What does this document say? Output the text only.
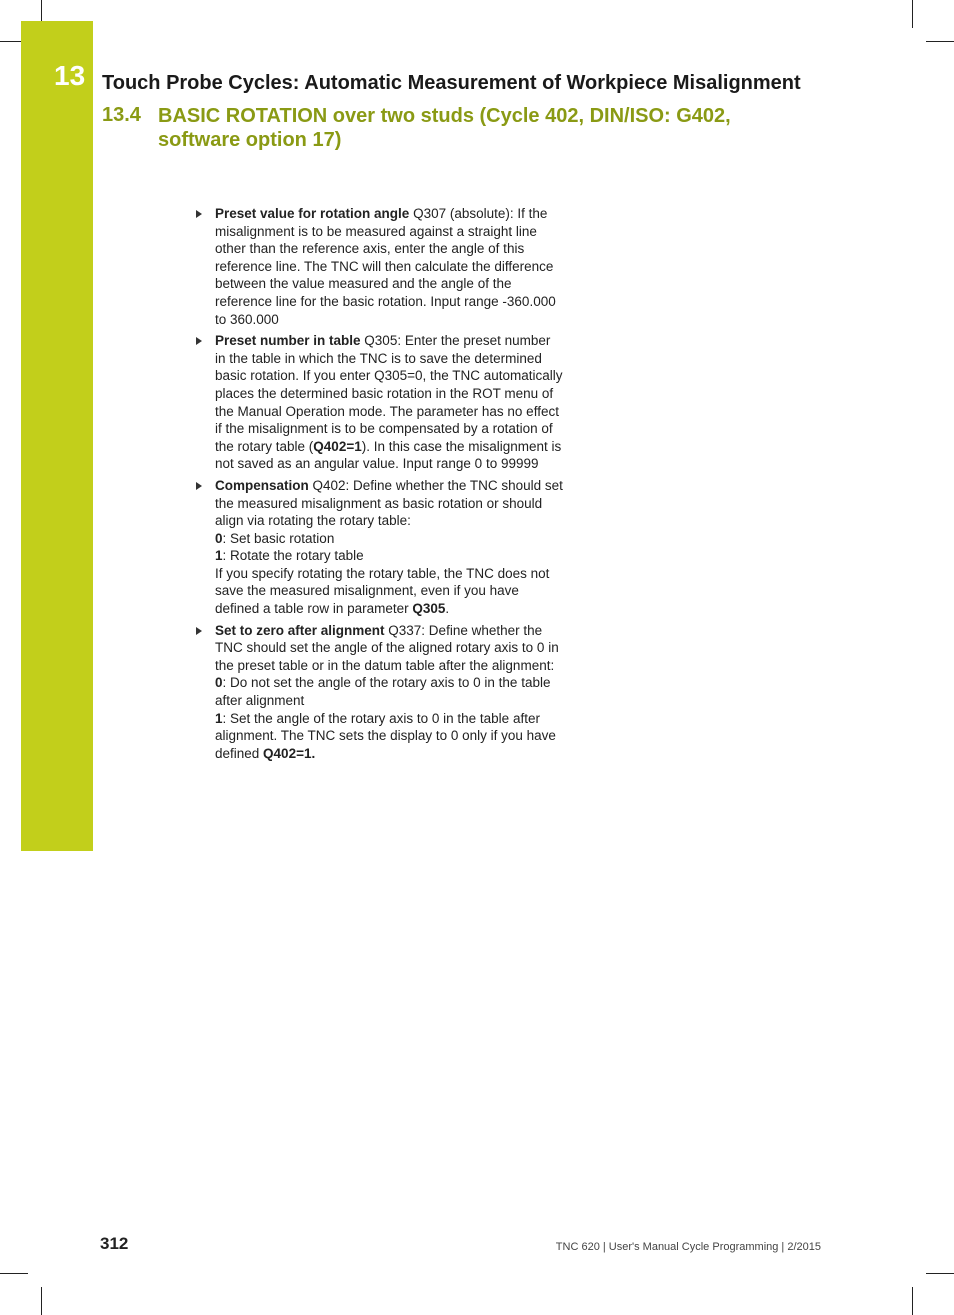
13 Touch Probe Cycles: Automatic Measurement of Workpiece Misalignment
13.4 BASIC ROTATION over two studs (Cycle 402, DIN/ISO: G402, software option 17)
Preset value for rotation angle Q307 (absolute): If the misalignment is to be measured against a straight line other than the reference axis, enter the angle of this reference line. The TNC will then calculate the difference between the value measured and the angle of the reference line for the basic rotation. Input range -360.000 to 360.000
Preset number in table Q305: Enter the preset number in the table in which the TNC is to save the determined basic rotation. If you enter Q305=0, the TNC automatically places the determined basic rotation in the ROT menu of the Manual Operation mode. The parameter has no effect if the misalignment is to be compensated by a rotation of the rotary table (Q402=1). In this case the misalignment is not saved as an angular value. Input range 0 to 99999
Compensation Q402: Define whether the TNC should set the measured misalignment as basic rotation or should align via rotating the rotary table:
0: Set basic rotation
1: Rotate the rotary table
If you specify rotating the rotary table, the TNC does not save the measured misalignment, even if you have defined a table row in parameter Q305.
Set to zero after alignment Q337: Define whether the TNC should set the angle of the aligned rotary axis to 0 in the preset table or in the datum table after the alignment:
0: Do not set the angle of the rotary axis to 0 in the table after alignment
1: Set the angle of the rotary axis to 0 in the table after alignment. The TNC sets the display to 0 only if you have defined Q402=1.
312	TNC 620 | User's Manual Cycle Programming | 2/2015
